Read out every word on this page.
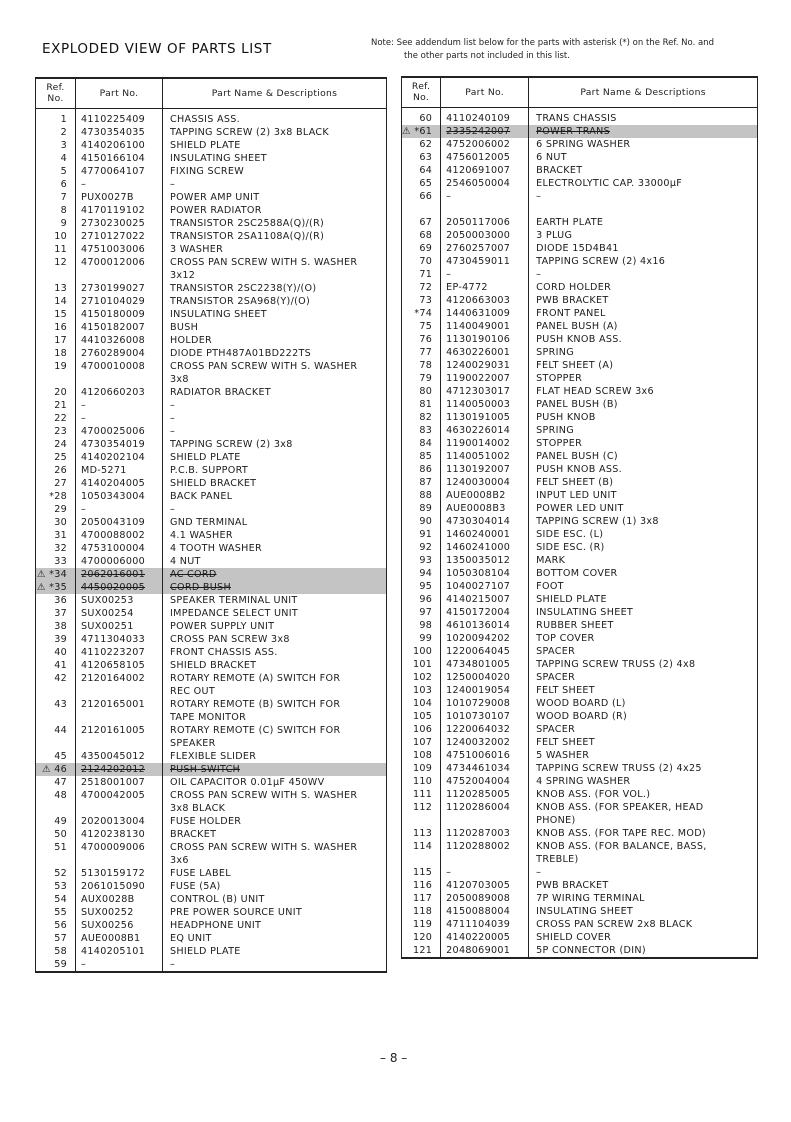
EXPLODED VIEW OF PARTS LIST	Note: See addendum list below for the parts with asterisk (*) on the Ref. No. and
the other parts not included in this list.
Ref.
No.	Part No.	Part Name & Descriptions
1	4110225409	CHASSIS ASS.
2	4730354035	TAPPING SCREW (2) 3x8 BLACK
3	4140206100	SHIELD PLATE
4	4150166104	INSULATING SHEET
5	4770064107	FIXING SCREW
6	–	–
7	PUX0027B	POWER AMP UNIT
8	4170119102	POWER RADIATOR
9	2730230025	TRANSISTOR 2SC2588A(Q)/(R)
10	2710127022	TRANSISTOR 2SA1108A(Q)/(R)
11	4751003006	3 WASHER
12	4700012006	CROSS PAN SCREW WITH S. WASHER
		3x12
13	2730199027	TRANSISTOR 2SC2238(Y)/(O)
14	2710104029	TRANSISTOR 2SA968(Y)/(O)
15	4150180009	INSULATING SHEET
16	4150182007	BUSH
17	4410326008	HOLDER
18	2760289004	DIODE PTH487A01BD222TS
19	4700010008	CROSS PAN SCREW WITH S. WASHER
		3x8
20	4120660203	RADIATOR BRACKET
21	–	–
22	–	–
23	4700025006	–
24	4730354019	TAPPING SCREW (2) 3x8
25	4140202104	SHIELD PLATE
26	MD-5271	P.C.B. SUPPORT
27	4140204005	SHIELD BRACKET
*28	1050343004	BACK PANEL
29	–	–
30	2050043109	GND TERMINAL
31	4700088002	4.1 WASHER
32	4753100004	4 TOOTH WASHER
33	4700006000	4 NUT
⚠ *34	2062016001	AC CORD
⚠ *35	4450020005	CORD BUSH
36	SUX00253	SPEAKER TERMINAL UNIT
37	SUX00254	IMPEDANCE SELECT UNIT
38	SUX00251	POWER SUPPLY UNIT
39	4711304033	CROSS PAN SCREW 3x8
40	4110223207	FRONT CHASSIS ASS.
41	4120658105	SHIELD BRACKET
42	2120164002	ROTARY REMOTE (A) SWITCH FOR
		REC OUT
43	2120165001	ROTARY REMOTE (B) SWITCH FOR
		TAPE MONITOR
44	2120161005	ROTARY REMOTE (C) SWITCH FOR
		SPEAKER
45	4350045012	FLEXIBLE SLIDER
⚠ 46	2124202012	PUSH SWITCH
47	2518001007	OIL CAPACITOR 0.01μF 450WV
48	4700042005	CROSS PAN SCREW WITH S. WASHER
		3x8 BLACK
49	2020013004	FUSE HOLDER
50	4120238130	BRACKET
51	4700009006	CROSS PAN SCREW WITH S. WASHER
		3x6
52	5130159172	FUSE LABEL
53	2061015090	FUSE (5A)
54	AUX0028B	CONTROL (B) UNIT
55	SUX00252	PRE POWER SOURCE UNIT
56	SUX00256	HEADPHONE UNIT
57	AUE0008B1	EQ UNIT
58	4140205101	SHIELD PLATE
59	–	–
Ref.
No.	Part No.	Part Name & Descriptions
60	4110240109	TRANS CHASSIS
⚠ *61	2335242007	POWER TRANS
62	4752006002	6 SPRING WASHER
63	4756012005	6 NUT
64	4120691007	BRACKET
65	2546050004	ELECTROLYTIC CAP. 33000μF
66	–	–

67	2050117006	EARTH PLATE
68	2050003000	3 PLUG
69	2760257007	DIODE 15D4B41
70	4730459011	TAPPING SCREW (2) 4x16
71	–	–
72	EP-4772	CORD HOLDER
73	4120663003	PWB BRACKET
*74	1440631009	FRONT PANEL
75	1140049001	PANEL BUSH (A)
76	1130190106	PUSH KNOB ASS.
77	4630226001	SPRING
78	1240029031	FELT SHEET (A)
79	1190022007	STOPPER
80	4712303017	FLAT HEAD SCREW 3x6
81	1140050003	PANEL BUSH (B)
82	1130191005	PUSH KNOB
83	4630226014	SPRING
84	1190014002	STOPPER
85	1140051002	PANEL BUSH (C)
86	1130192007	PUSH KNOB ASS.
87	1240030004	FELT SHEET (B)
88	AUE0008B2	INPUT LED UNIT
89	AUE0008B3	POWER LED UNIT
90	4730304014	TAPPING SCREW (1) 3x8
91	1460240001	SIDE ESC. (L)
92	1460241000	SIDE ESC. (R)
93	1350035012	MARK
94	1050308104	BOTTOM COVER
95	1040027107	FOOT
96	4140215007	SHIELD PLATE
97	4150172004	INSULATING SHEET
98	4610136014	RUBBER SHEET
99	1020094202	TOP COVER
100	1220064045	SPACER
101	4734801005	TAPPING SCREW TRUSS (2) 4x8
102	1250004020	SPACER
103	1240019054	FELT SHEET
104	1010729008	WOOD BOARD (L)
105	1010730107	WOOD BOARD (R)
106	1220064032	SPACER
107	1240032002	FELT SHEET
108	4751006016	5 WASHER
109	4734461034	TAPPING SCREW TRUSS (2) 4x25
110	4752004004	4 SPRING WASHER
111	1120285005	KNOB ASS. (FOR VOL.)
112	1120286004	KNOB ASS. (FOR SPEAKER, HEAD
		PHONE)
113	1120287003	KNOB ASS. (FOR TAPE REC. MOD)
114	1120288002	KNOB ASS. (FOR BALANCE, BASS,
		TREBLE)
115	–	–
116	4120703005	PWB BRACKET
117	2050089008	7P WIRING TERMINAL
118	4150088004	INSULATING SHEET
119	4711104039	CROSS PAN SCREW 2x8 BLACK
120	4140220005	SHIELD COVER
121	2048069001	5P CONNECTOR (DIN)
– 8 –
